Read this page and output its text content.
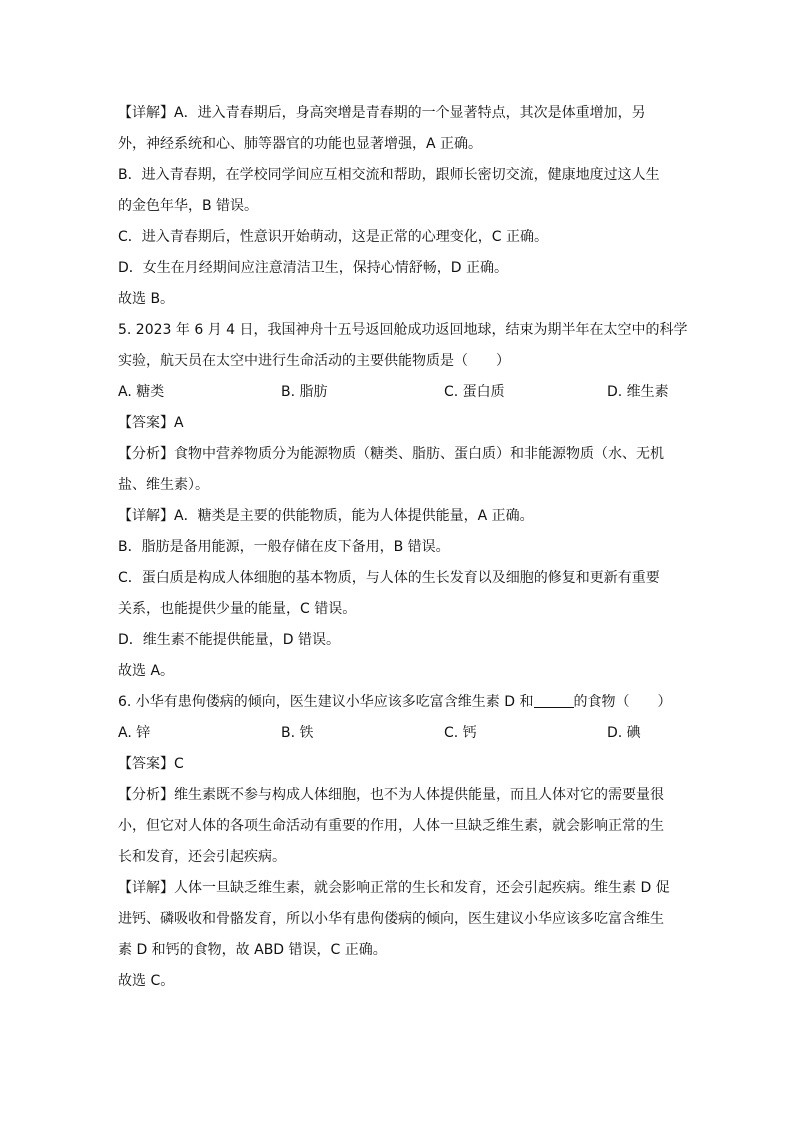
【详解】A．进入青春期后，身高突增是青春期的一个显著特点，其次是体重增加，另
外，神经系统和心、肺等器官的功能也显著增强，A 正确。
B．进入青春期，在学校同学间应互相交流和帮助，跟师长密切交流，健康地度过这人生
的金色年华，B 错误。
C．进入青春期后，性意识开始萌动，这是正常的心理变化，C 正确。
D．女生在月经期间应注意清洁卫生，保持心情舒畅，D 正确。
故选 B。
5. 2023 年 6 月 4 日，我国神舟十五号返回舱成功返回地球，结束为期半年在太空中的科学
实验，航天员在太空中进行生命活动的主要供能物质是（　　）
A. 糖类	B. 脂肪	C. 蛋白质	D. 维生素
【答案】A
【分析】食物中营养物质分为能源物质（糖类、脂肪、蛋白质）和非能源物质（水、无机
盐、维生素）。
【详解】A．糖类是主要的供能物质，能为人体提供能量，A 正确。
B．脂肪是备用能源，一般存储在皮下备用，B 错误。
C．蛋白质是构成人体细胞的基本物质，与人体的生长发育以及细胞的修复和更新有重要
关系，也能提供少量的能量，C 错误。
D．维生素不能提供能量，D 错误。
故选 A。
6. 小华有患佝偻病的倾向，医生建议小华应该多吃富含维生素 D 和	的食物（　　）
A. 锌	B. 铁	C. 钙	D. 碘
【答案】C
【分析】维生素既不参与构成人体细胞，也不为人体提供能量，而且人体对它的需要量很
小，但它对人体的各项生命活动有重要的作用，人体一旦缺乏维生素，就会影响正常的生
长和发育，还会引起疾病。
【详解】人体一旦缺乏维生素，就会影响正常的生长和发育，还会引起疾病。维生素 D 促
进钙、磷吸收和骨骼发育，所以小华有患佝偻病的倾向，医生建议小华应该多吃富含维生
素 D 和钙的食物，故 ABD 错误，C 正确。
故选 C。
